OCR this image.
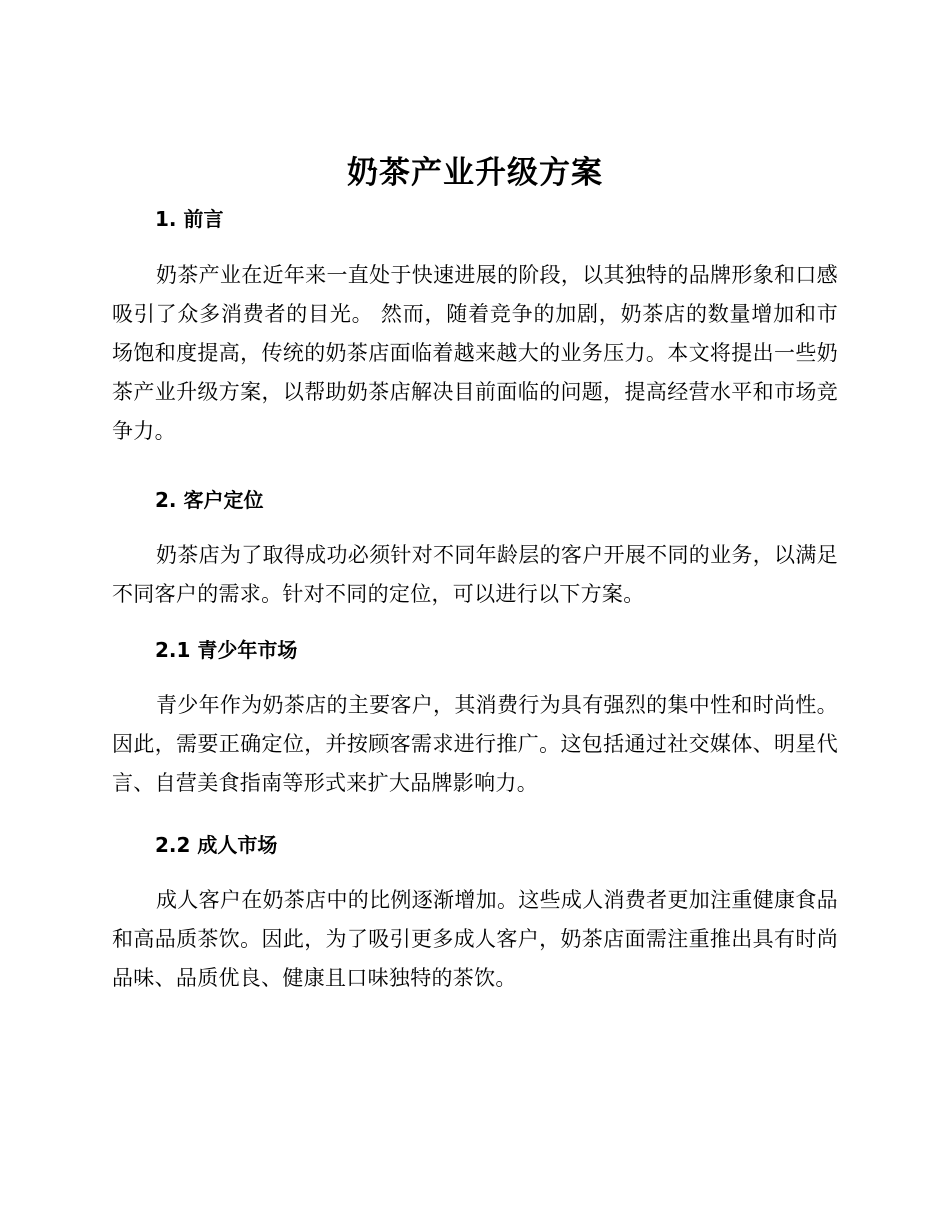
奶茶产业升级方案
1. 前言

奶茶产业在近年来一直处于快速进展的阶段，以其独特的品牌形象和口感吸引了众多消费者的目光。 然而，随着竞争的加剧，奶茶店的数量增加和市场饱和度提高，传统的奶茶店面临着越来越大的业务压力。本文将提出一些奶茶产业升级方案，以帮助奶茶店解决目前面临的问题，提高经营水平和市场竞争力。

2. 客户定位

奶茶店为了取得成功必须针对不同年龄层的客户开展不同的业务，以满足不同客户的需求。针对不同的定位，可以进行以下方案。

2.1 青少年市场

青少年作为奶茶店的主要客户，其消费行为具有强烈的集中性和时尚性。因此，需要正确定位，并按顾客需求进行推广。这包括通过社交媒体、明星代言、自营美食指南等形式来扩大品牌影响力。

2.2 成人市场

成人客户在奶茶店中的比例逐渐增加。这些成人消费者更加注重健康食品和高品质茶饮。因此，为了吸引更多成人客户，奶茶店面需注重推出具有时尚品味、品质优良、健康且口味独特的茶饮。
